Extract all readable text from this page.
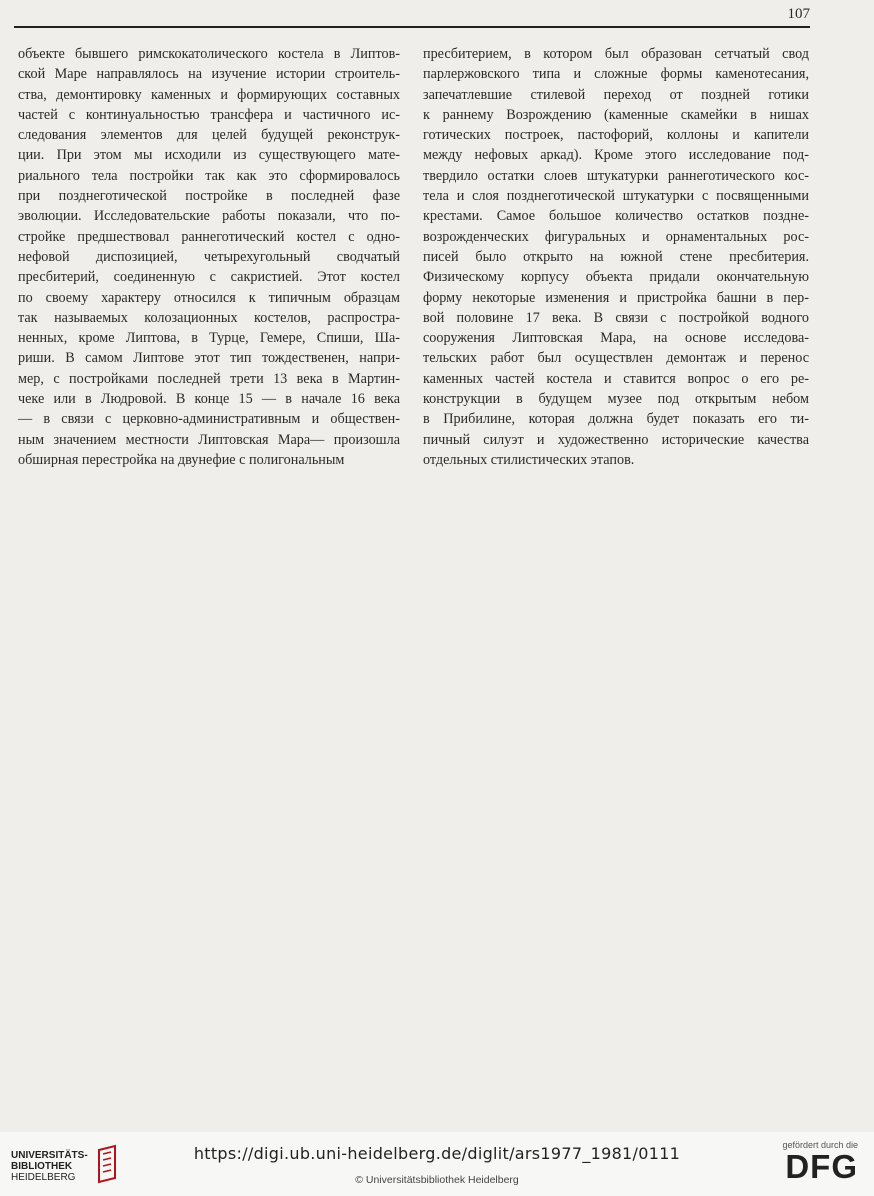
107

объекте бывшего римскокатолического костела в Липтов-

ской Маре направлялось на изучение истории строитель-

ства, демонтировку каменных и формирующих составных

частей с континуальностью трансфера и частичного ис-

следования элементов для целей будущей реконструк-

ции. При этом мы исходили из существующего мате-

риального тела постройки так как это сформировалось

при позднеготической постройке в последней фазе

эволюции. Исследовательские работы показали, что по-

стройке предшествовал раннеготический костел с одно-

нефовой диспозицией, четырехугольный сводчатый

пресбитерий, соединенную с сакристией. Этот костел

по своему характеру относился к типичным образцам

так называемых колозационных костелов, распростра-

ненных, кроме Липтова, в Турце, Гемере, Спиши, Ша-

риши. В самом Липтове этот тип тождественен, напри-

мер, с постройками последней трети 13 века в Мартин-

чеке или в Людровой. В конце 15 — в начале 16 века

— в связи с церковно-административным и обществен-

ным значением местности Липтовская Мара— произошла

обширная перестройка на двунефие с полигональным

пресбитерием, в котором был образован сетчатый свод

парлержовского типа и сложные формы каменотесания,

запечатлевшие стилевой переход от поздней готики

к раннему Возрождению (каменные скамейки в нишах

готических построек, пастофорий, коллоны и капители

между нефовых аркад). Кроме этого исследование под-

твердило остатки слоев штукатурки раннеготического кос-

тела и слоя позднеготической штукатурки с посвященными

крестами. Самое большое количество остатков поздне-

возрожденческих фигуральных и орнаментальных рос-

писей было открыто на южной стене пресбитерия.

Физическому корпусу объекта придали окончательную

форму некоторые изменения и пристройка башни в пер-

вой половине 17 века. В связи с постройкой водного

сооружения Липтовская Мара, на основе исследова-

тельских работ был осуществлен демонтаж и перенос

каменных частей костела и ставится вопрос о его ре-

конструкции в будущем музее под открытым небом

в Прибилине, которая должна будет показать его ти-

пичный силуэт и художественно исторические качества

отдельных стилистических этапов.

UNIVERSITÄTS-
BIBLIOTHEK
HEIDELBERG
https://digi.ub.uni-heidelberg.de/diglit/ars1977_1981/0111
© Universitätsbibliothek Heidelberg
gefördert durch die
DFG
